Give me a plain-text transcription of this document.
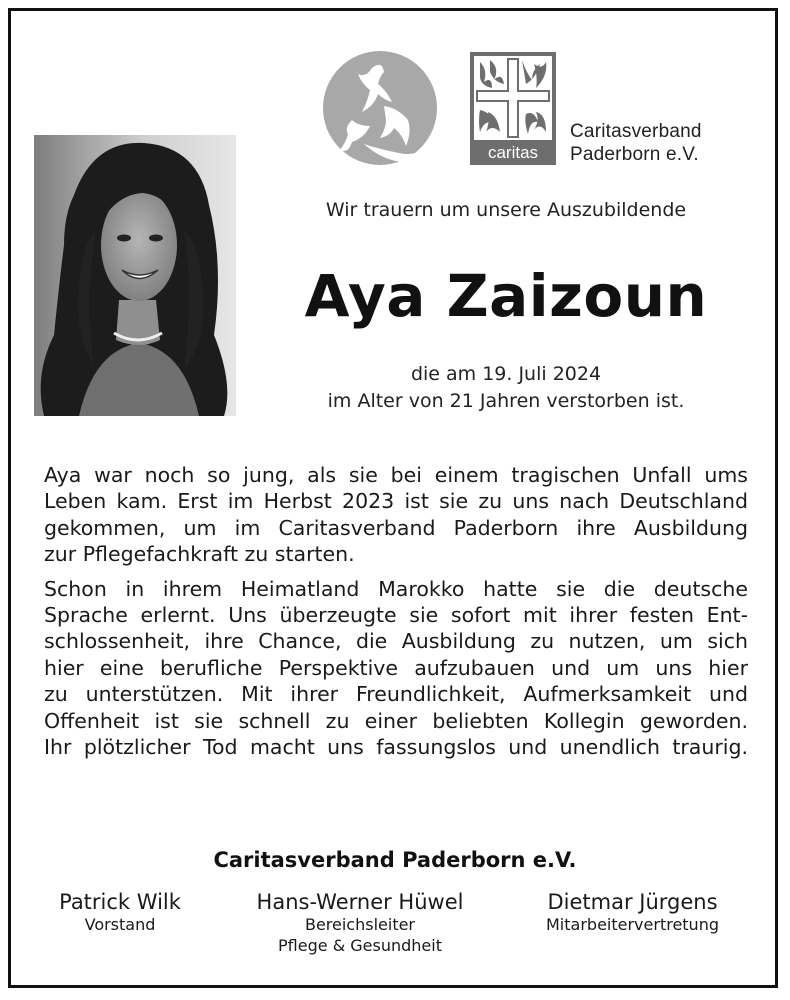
caritas
Caritasverband
Paderborn e.V.
Wir trauern um unsere Auszubildende
Aya Zaizoun
die am 19. Juli 2024
im Alter von 21 Jahren verstorben ist.
Aya war noch so jung, als sie bei einem tragischen Unfall ums
Leben kam. Erst im Herbst 2023 ist sie zu uns nach Deutschland
gekommen, um im Caritasverband Paderborn ihre Ausbildung
zur Pflegefachkraft zu starten.
Schon in ihrem Heimatland Marokko hatte sie die deutsche
Sprache erlernt. Uns überzeugte sie sofort mit ihrer festen Ent-
schlossenheit, ihre Chance, die Ausbildung zu nutzen, um sich
hier eine berufliche Perspektive aufzubauen und um uns hier
zu unterstützen. Mit ihrer Freundlichkeit, Aufmerksamkeit und
Offenheit ist sie schnell zu einer beliebten Kollegin geworden.
Ihr plötzlicher Tod macht uns fassungslos und unendlich traurig.
Caritasverband Paderborn e.V.
Patrick Wilk
Vorstand
Hans-Werner Hüwel
Bereichsleiter
Pflege & Gesundheit
Dietmar Jürgens
Mitarbeitervertretung
